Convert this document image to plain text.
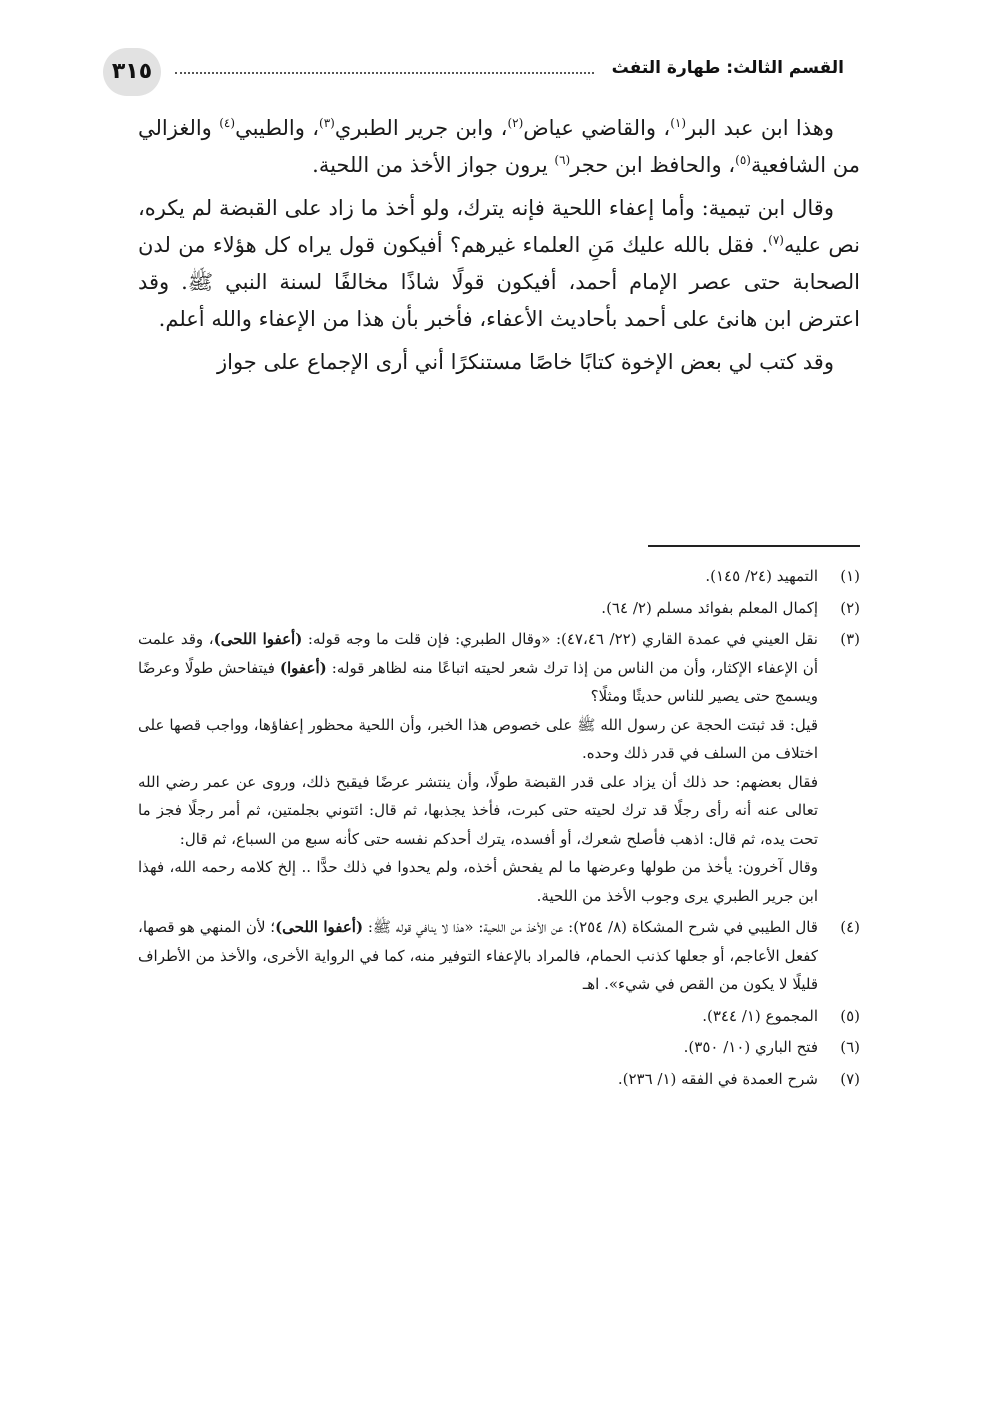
٣١٥	القسم الثالث: طهارة التفث

وهذا ابن عبد البر$^{(١)}$، والقاضي عياض$^{(٢)}$، وابن جرير الطبري$^{(٣)}$، والطيبي$^{(٤)}$ والغزالي من الشافعية$^{(٥)}$، والحافظ ابن حجر$^{(٦)}$ يرون جواز الأخذ من اللحية.

وقال ابن تيمية: وأما إعفاء اللحية فإنه يترك، ولو أخذ ما زاد على القبضة لم يكره، نص عليه$^{(٧)}$. فقل بالله عليك مَنِ العلماء غيرهم؟ أفيكون قول يراه كل هؤلاء من لدن الصحابة حتى عصر الإمام أحمد، أفيكون قولًا شاذًا مخالفًا لسنة النبي ﷺ. وقد اعترض ابن هانئ على أحمد بأحاديث الأعفاء، فأخبر بأن هذا من الإعفاء والله أعلم.

وقد كتب لي بعض الإخوة كتابًا خاصًا مستنكرًا أني أرى الإجماع على جواز

(١)
التمهيد (٢٤/ ١٤٥).
(٢)
إكمال المعلم بفوائد مسلم (٢/ ٦٤).
(٣)
نقل العيني في عمدة القاري (٢٢/ ٤٧،٤٦): «وقال الطبري: فإن قلت ما وجه قوله: (أعفوا اللحى)، وقد علمت أن الإعفاء الإكثار، وأن من الناس من إذا ترك شعر لحيته اتباعًا منه لظاهر قوله: (أعفوا) فيتفاحش طولًا وعرضًا ويسمج حتى يصير للناس حديثًا ومثلًا؟
قيل: قد ثبتت الحجة عن رسول الله ﷺ على خصوص هذا الخبر، وأن اللحية محظور إعفاؤها، وواجب قصها على اختلاف من السلف في قدر ذلك وحده.
فقال بعضهم: حد ذلك أن يزاد على قدر القبضة طولًا، وأن ينتشر عرضًا فيقبح ذلك، وروى عن عمر رضي الله تعالى عنه أنه رأى رجلًا قد ترك لحيته حتى كبرت، فأخذ يجذبها، ثم قال: ائتوني بجلمتين، ثم أمر رجلًا فجز ما تحت يده، ثم قال: اذهب فأصلح شعرك، أو أفسده، يترك أحدكم نفسه حتى كأنه سبع من السباع، ثم قال:
وقال آخرون: يأخذ من طولها وعرضها ما لم يفحش أخذه، ولم يحدوا في ذلك حدًّا .. إلخ كلامه رحمه الله، فهذا ابن جرير الطبري يرى وجوب الأخذ من اللحية.
(٤)
قال الطيبي في شرح المشكاة (٨/ ٢٥٤): عن الأخذ من اللحية: «هذا لا ينافي قوله ﷺ: (أعفوا اللحى)؛ لأن المنهي هو قصها، كفعل الأعاجم، أو جعلها كذنب الحمام، فالمراد بالإعفاء التوفير منه، كما في الرواية الأخرى، والأخذ من الأطراف قليلًا لا يكون من القص في شيء». اهـ
(٥)
المجموع (١/ ٣٤٤).
(٦)
فتح الباري (١٠/ ٣٥٠).
(٧)
شرح العمدة في الفقه (١/ ٢٣٦).
